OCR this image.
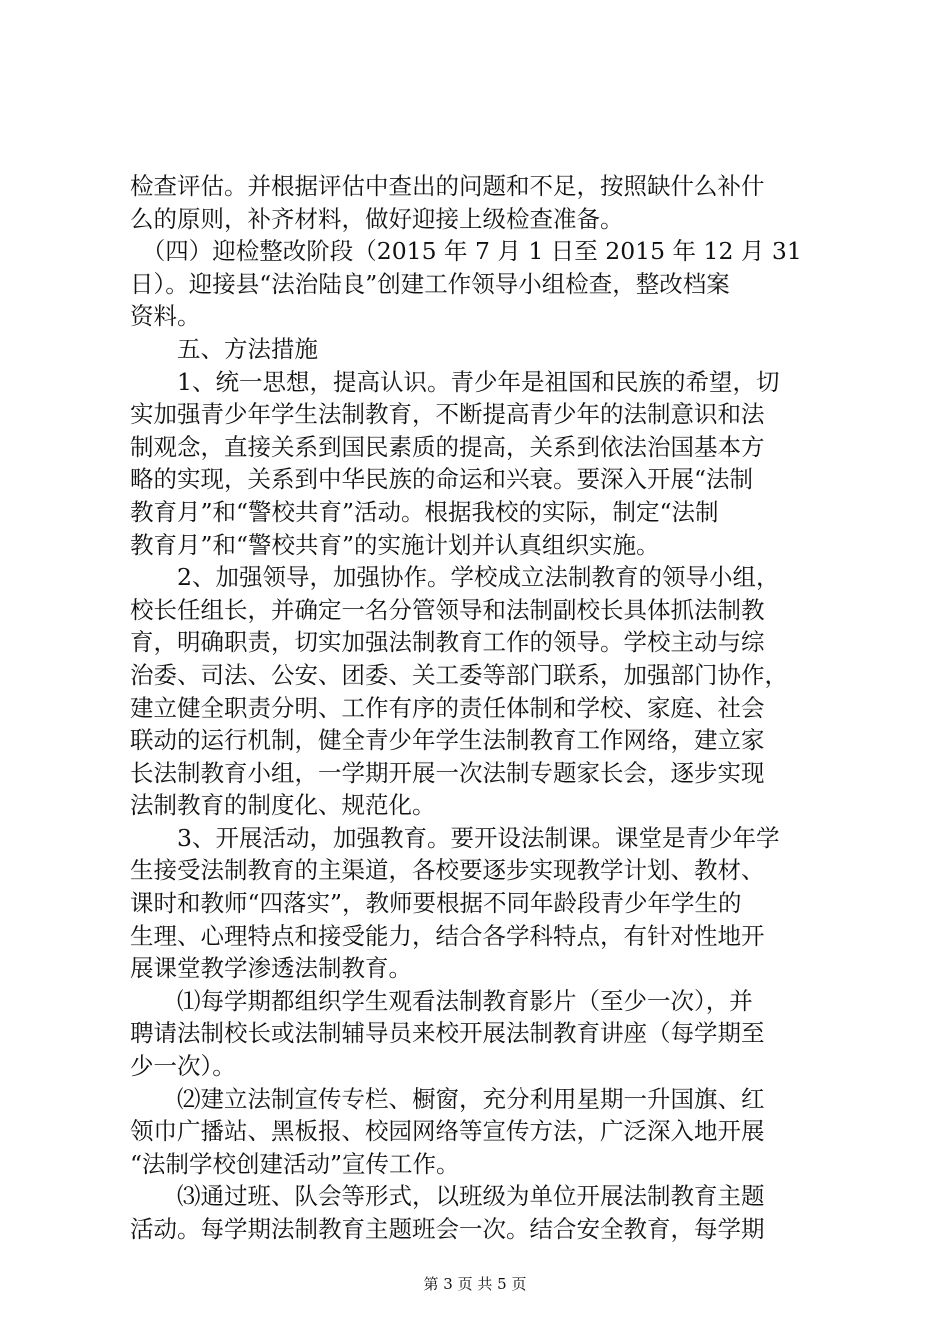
检查评估。并根据评估中查出的问题和不足，按照缺什么补什
么的原则，补齐材料，做好迎接上级检查准备。
　（四）迎检整改阶段（2015 年 7 月 1 日至 2015 年 12 月 31
日）。迎接县“法治陆良”创建工作领导小组检查，整改档案
资料。
　　五、方法措施
　　1、统一思想，提高认识。青少年是祖国和民族的希望，切
实加强青少年学生法制教育，不断提高青少年的法制意识和法
制观念，直接关系到国民素质的提高，关系到依法治国基本方
略的实现，关系到中华民族的命运和兴衰。要深入开展“法制
教育月”和“警校共育”活动。根据我校的实际，制定“法制
教育月”和“警校共育”的实施计划并认真组织实施。
　　2、加强领导，加强协作。学校成立法制教育的领导小组，
校长任组长，并确定一名分管领导和法制副校长具体抓法制教
育，明确职责，切实加强法制教育工作的领导。学校主动与综
治委、司法、公安、团委、关工委等部门联系，加强部门协作，
建立健全职责分明、工作有序的责任体制和学校、家庭、社会
联动的运行机制，健全青少年学生法制教育工作网络，建立家
长法制教育小组，一学期开展一次法制专题家长会，逐步实现
法制教育的制度化、规范化。
　　3、开展活动，加强教育。要开设法制课。课堂是青少年学
生接受法制教育的主渠道，各校要逐步实现教学计划、教材、
课时和教师“四落实”，教师要根据不同年龄段青少年学生的
生理、心理特点和接受能力，结合各学科特点，有针对性地开
展课堂教学渗透法制教育。
　　⑴每学期都组织学生观看法制教育影片（至少一次），并
聘请法制校长或法制辅导员来校开展法制教育讲座（每学期至
少一次）。
　　⑵建立法制宣传专栏、橱窗，充分利用星期一升国旗、红
领巾广播站、黑板报、校园网络等宣传方法，广泛深入地开展
“法制学校创建活动”宣传工作。
　　⑶通过班、队会等形式，以班级为单位开展法制教育主题
活动。每学期法制教育主题班会一次。结合安全教育，每学期
第 3 页 共 5 页
